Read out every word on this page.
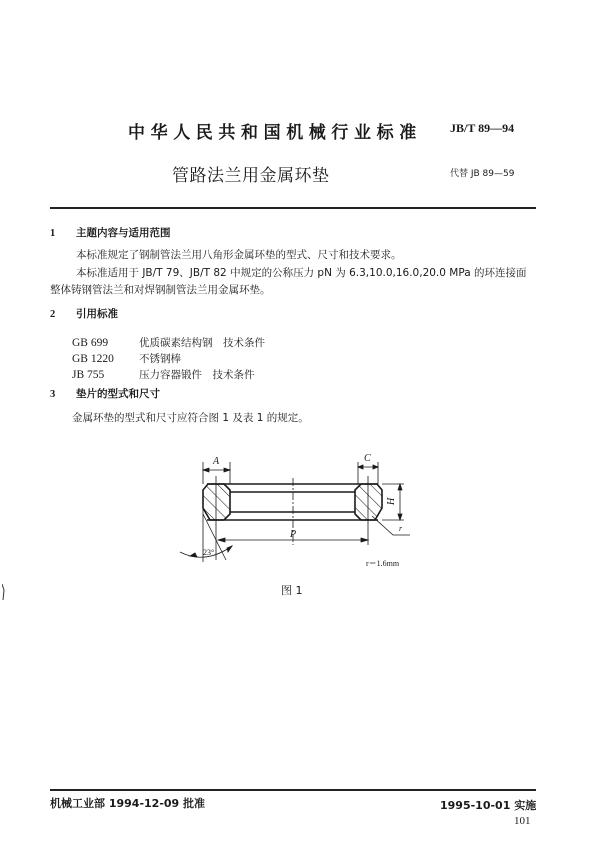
中华人民共和国机械行业标准 JB/T 89—94
管路法兰用金属环垫	代替 JB 89—59
1 主题内容与适用范围
本标准规定了钢制管法兰用八角形金属环垫的型式、尺寸和技术要求。
本标准适用于 JB/T 79、JB/T 82 中规定的公称压力 pN 为 6.3,10.0,16.0,20.0 MPa 的环连接面
整体铸钢管法兰和对焊钢制管法兰用金属环垫。
2 引用标准
GB 699	优质碳素结构钢　技术条件
GB 1220 不锈钢棒
JB 755	压力容器锻件　技术条件
3 垫片的型式和尺寸
金属环垫的型式和尺寸应符合图 1 及表 1 的规定。
A	C
H
P
r
23°
r＝1.6mm
图 1
机械工业部 1994-12-09 批准	1995-10-01 实施
101
